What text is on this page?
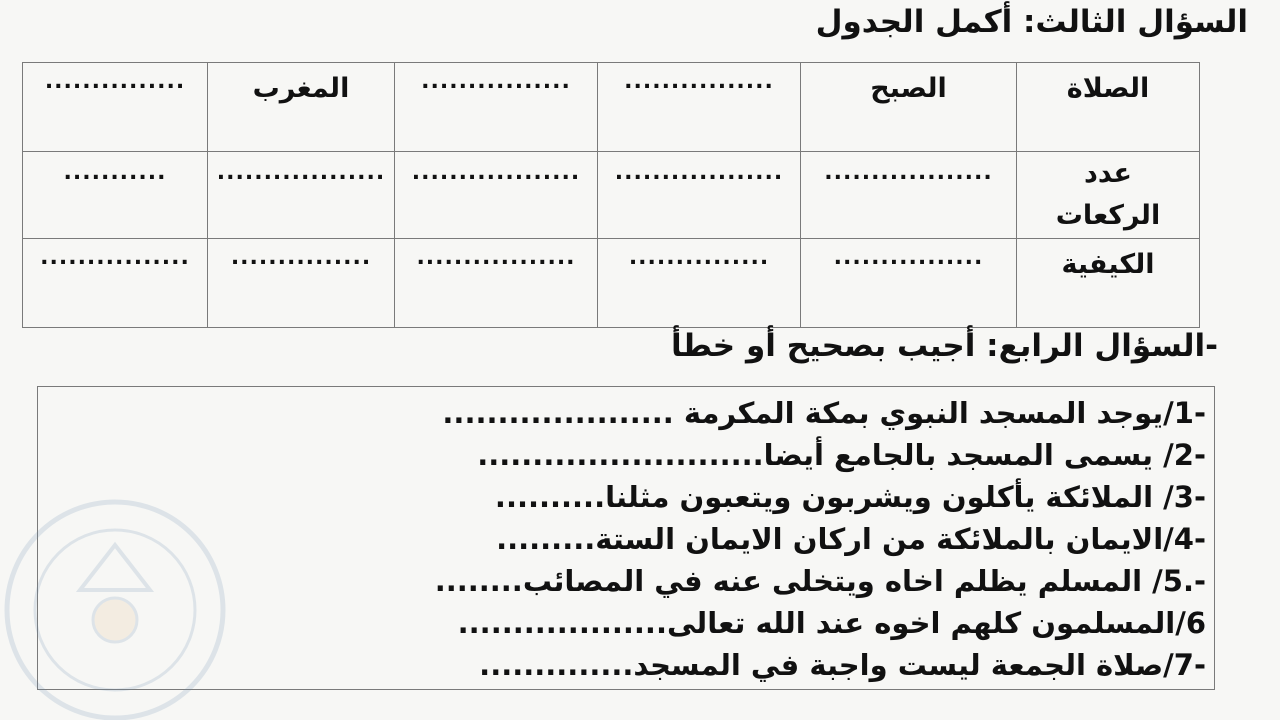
السؤال الثالث: أكمل الجدول
الصلاة	الصبح	................	................	المغرب	...............

عدد
الركعات	..................	..................	..................	..................	...........

الكيفية	................	...............	.................	...............	................
-السؤال الرابع: أجيب بصحيح أو خطأ
-1/يوجد المسجد النبوي بمكة المكرمة .....................
-2/ يسمى المسجد بالجامع أيضا..........................
-3/ الملائكة يأكلون ويشربون ويتعبون مثلنا..........
-4/الايمان بالملائكة من اركان الايمان الستة.........
-.5/ المسلم يظلم اخاه ويتخلى عنه في المصائب........
6/المسلمون كلهم اخوه عند الله تعالى...................
-7/صلاة الجمعة ليست واجبة في المسجد..............
